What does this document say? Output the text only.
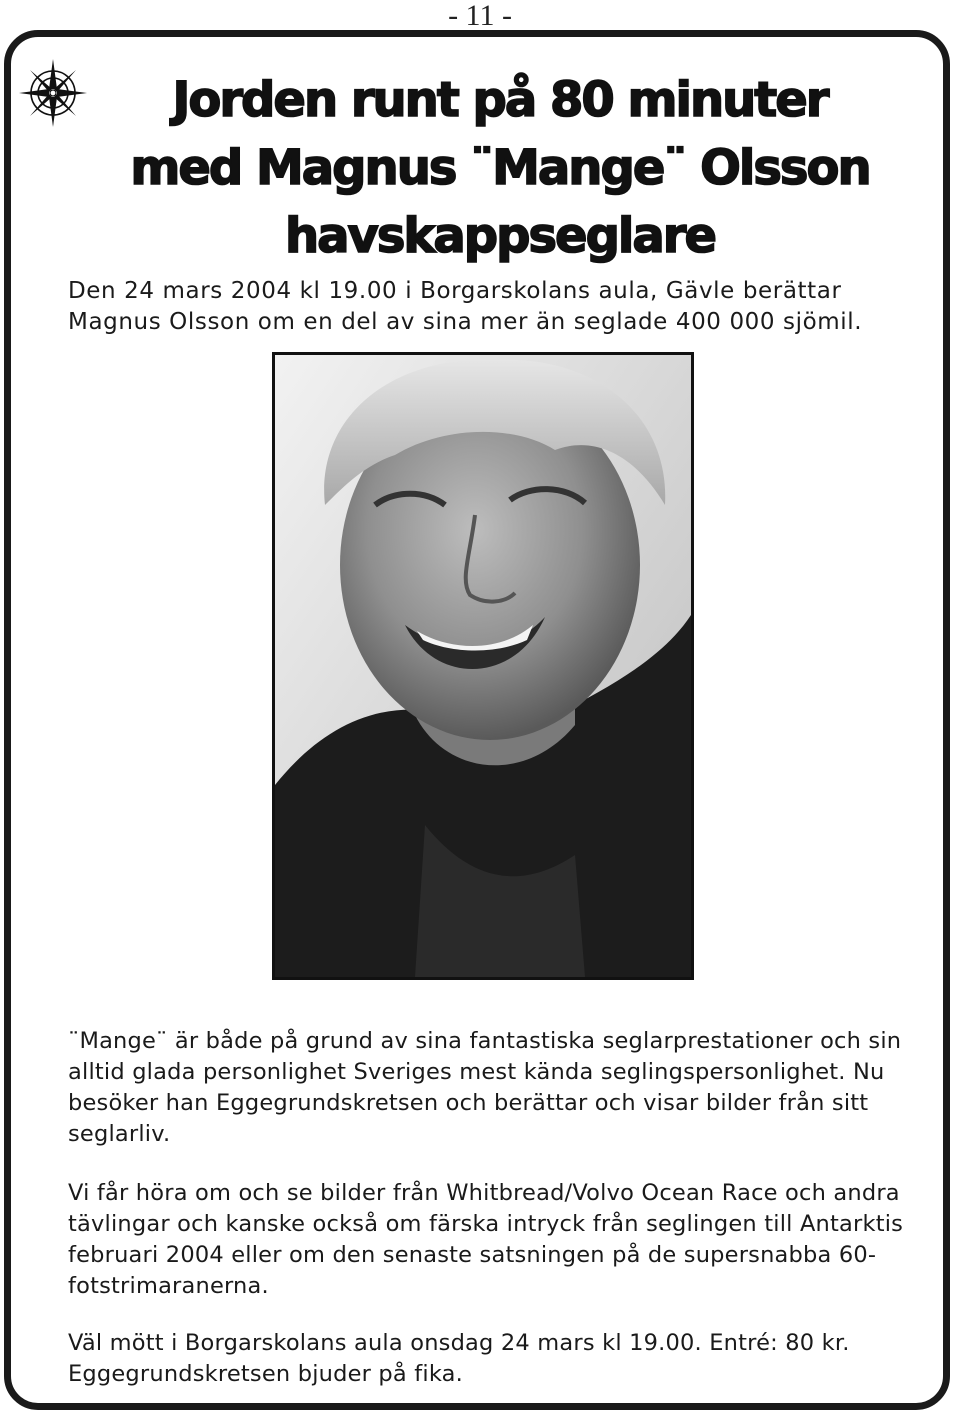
- 11 -
Jorden runt på 80 minuter
med Magnus ¨Mange¨ Olsson
havskappseglare
Den 24 mars 2004 kl 19.00 i Borgarskolans aula, Gävle berättar
Magnus Olsson om en del av sina mer än seglade 400 000 sjömil.

¨Mange¨ är både på grund av sina fantastiska seglarprestationer och sin alltid glada personlighet Sveriges mest kända seglingspersonlighet. Nu besöker han Eggegrundskretsen och berättar och visar bilder från sitt seglarliv.

Vi får höra om och se bilder från Whitbread/Volvo Ocean Race och andra tävlingar och kanske också om färska intryck från seglingen till Antarktis februari 2004 eller om den senaste satsningen på de supersnabba 60-fotstrimaranerna.

Väl mött i Borgarskolans aula onsdag 24 mars kl 19.00. Entré: 80 kr. Eggegrundskretsen bjuder på fika.
